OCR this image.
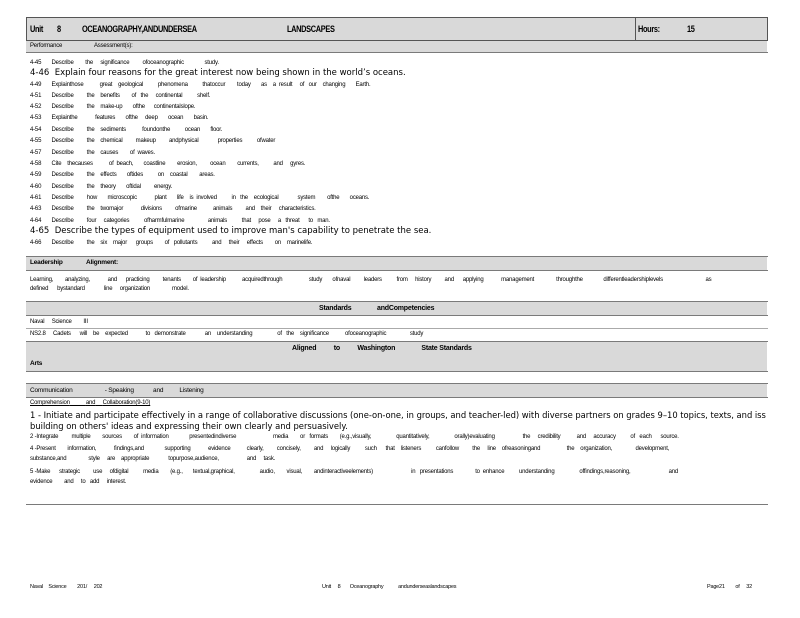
Unit 8 OCEANOGRAPHY,ANDUNDERSEA	LANDSCAPES	Hours:	15
Performance	Assessment(s):
4-45 Describe        the     significance         ofoceanographic              study.
4-46 Explain four reasons for the great interest now being shown in the world’s oceans.
4-49 Explainthose           great    geological          phenomena          thatoccur        today       as    a  result     of   our    changing       Earth.
4-51 Describe         the    benefits        of   the     continental          shelf.
4-52 Describe         the    make-up       ofthe      continentalslope.
4-53 Explainthe            features       ofthe     deep       ocean       basin.
4-54 Describe         the    sediments           foundonthe          ocean       floor.
4-55 Describe         the    chemical         makeup         andphysical             properties          ofwater
4-57 Describe         the    causes        of  waves.
4-58 Cite    thecauses           of  beach,       coastline        erosion,         ocean        currents,          and     gyres.
4-59 Describe         the    effects       oftides          on    coastal        areas.
4-60 Describe         the    theory       oftidal         energy.
4-61 Describe         how       microscopic            plant       life    is  involved          in   the    ecological             system        ofthe       oceans.
4-63 Describe         the    twomajor            divisions         ofmarine           animals         and    their     characteristics.
4-64 Describe         four     categories          ofharmfulmarine                animals          that     pose     a   threat      to   man.
4-65 Describe the types of equipment used to improve man's capability to penetrate the sea.
4-66 Describe         the    six    major      groups        of   pollutants          and     their     effects        on    marinelife.
Leadership	Alignment:
Learning,        analyzing,            and      practicing         tenants        of  leadership           acquiredthrough                  study       ofnaval         leaders          from     history         and      applying            management               throughthe              differentleadershiplevels                             as
defined      bystandard             line     organization               model.
Standards	andCompetencies
Naval Science III
NS2.8 Cadets      will    be    expected            to   demonstrate             an    understanding                 of   the    significance           ofoceanographic                study
Aligned to Washington	State Standards
Arts
Communication	- Speaking	and Listening
Comprehension	and Collaboration(9-10)
1 - Initiate and participate effectively in a range of collaborative discussions (one-on-one, in groups, and teacher-led) with diverse partners on grades 9–10 topics, texts, and iss
building on others' ideas and expressing their own clearly and persuasively.
2 -Integrate         multiple        sources        of  information              presentedindiverse                         media        or   formats        (e.g.,visually,                 quantitatively,                 orally)evaluating                   the     credibility           and     accuracy          of   each      source.
4 -Present        information,            findings,and              supporting            evidence           clearly,         concisely,         and     logically          such      that    listeners          canfollow         the     line    ofreasoningand                  the    organization,                development,
substance,and               style     are    appropriate             topurpose,audience,                   and     task.
5 -Make      strategic         use     ofdigital          media        (e.g.,       textual,graphical,                 audio,        visual,        andinteractiveelements)                          in   presentations               to  enhance          understanding                 offindings,reasoning,                          and
evidence        and     to   add     interest.
Naval    Science        201/     202	Unit     8       Oceanography           andunderseaslandscapes	Page21        of     32
